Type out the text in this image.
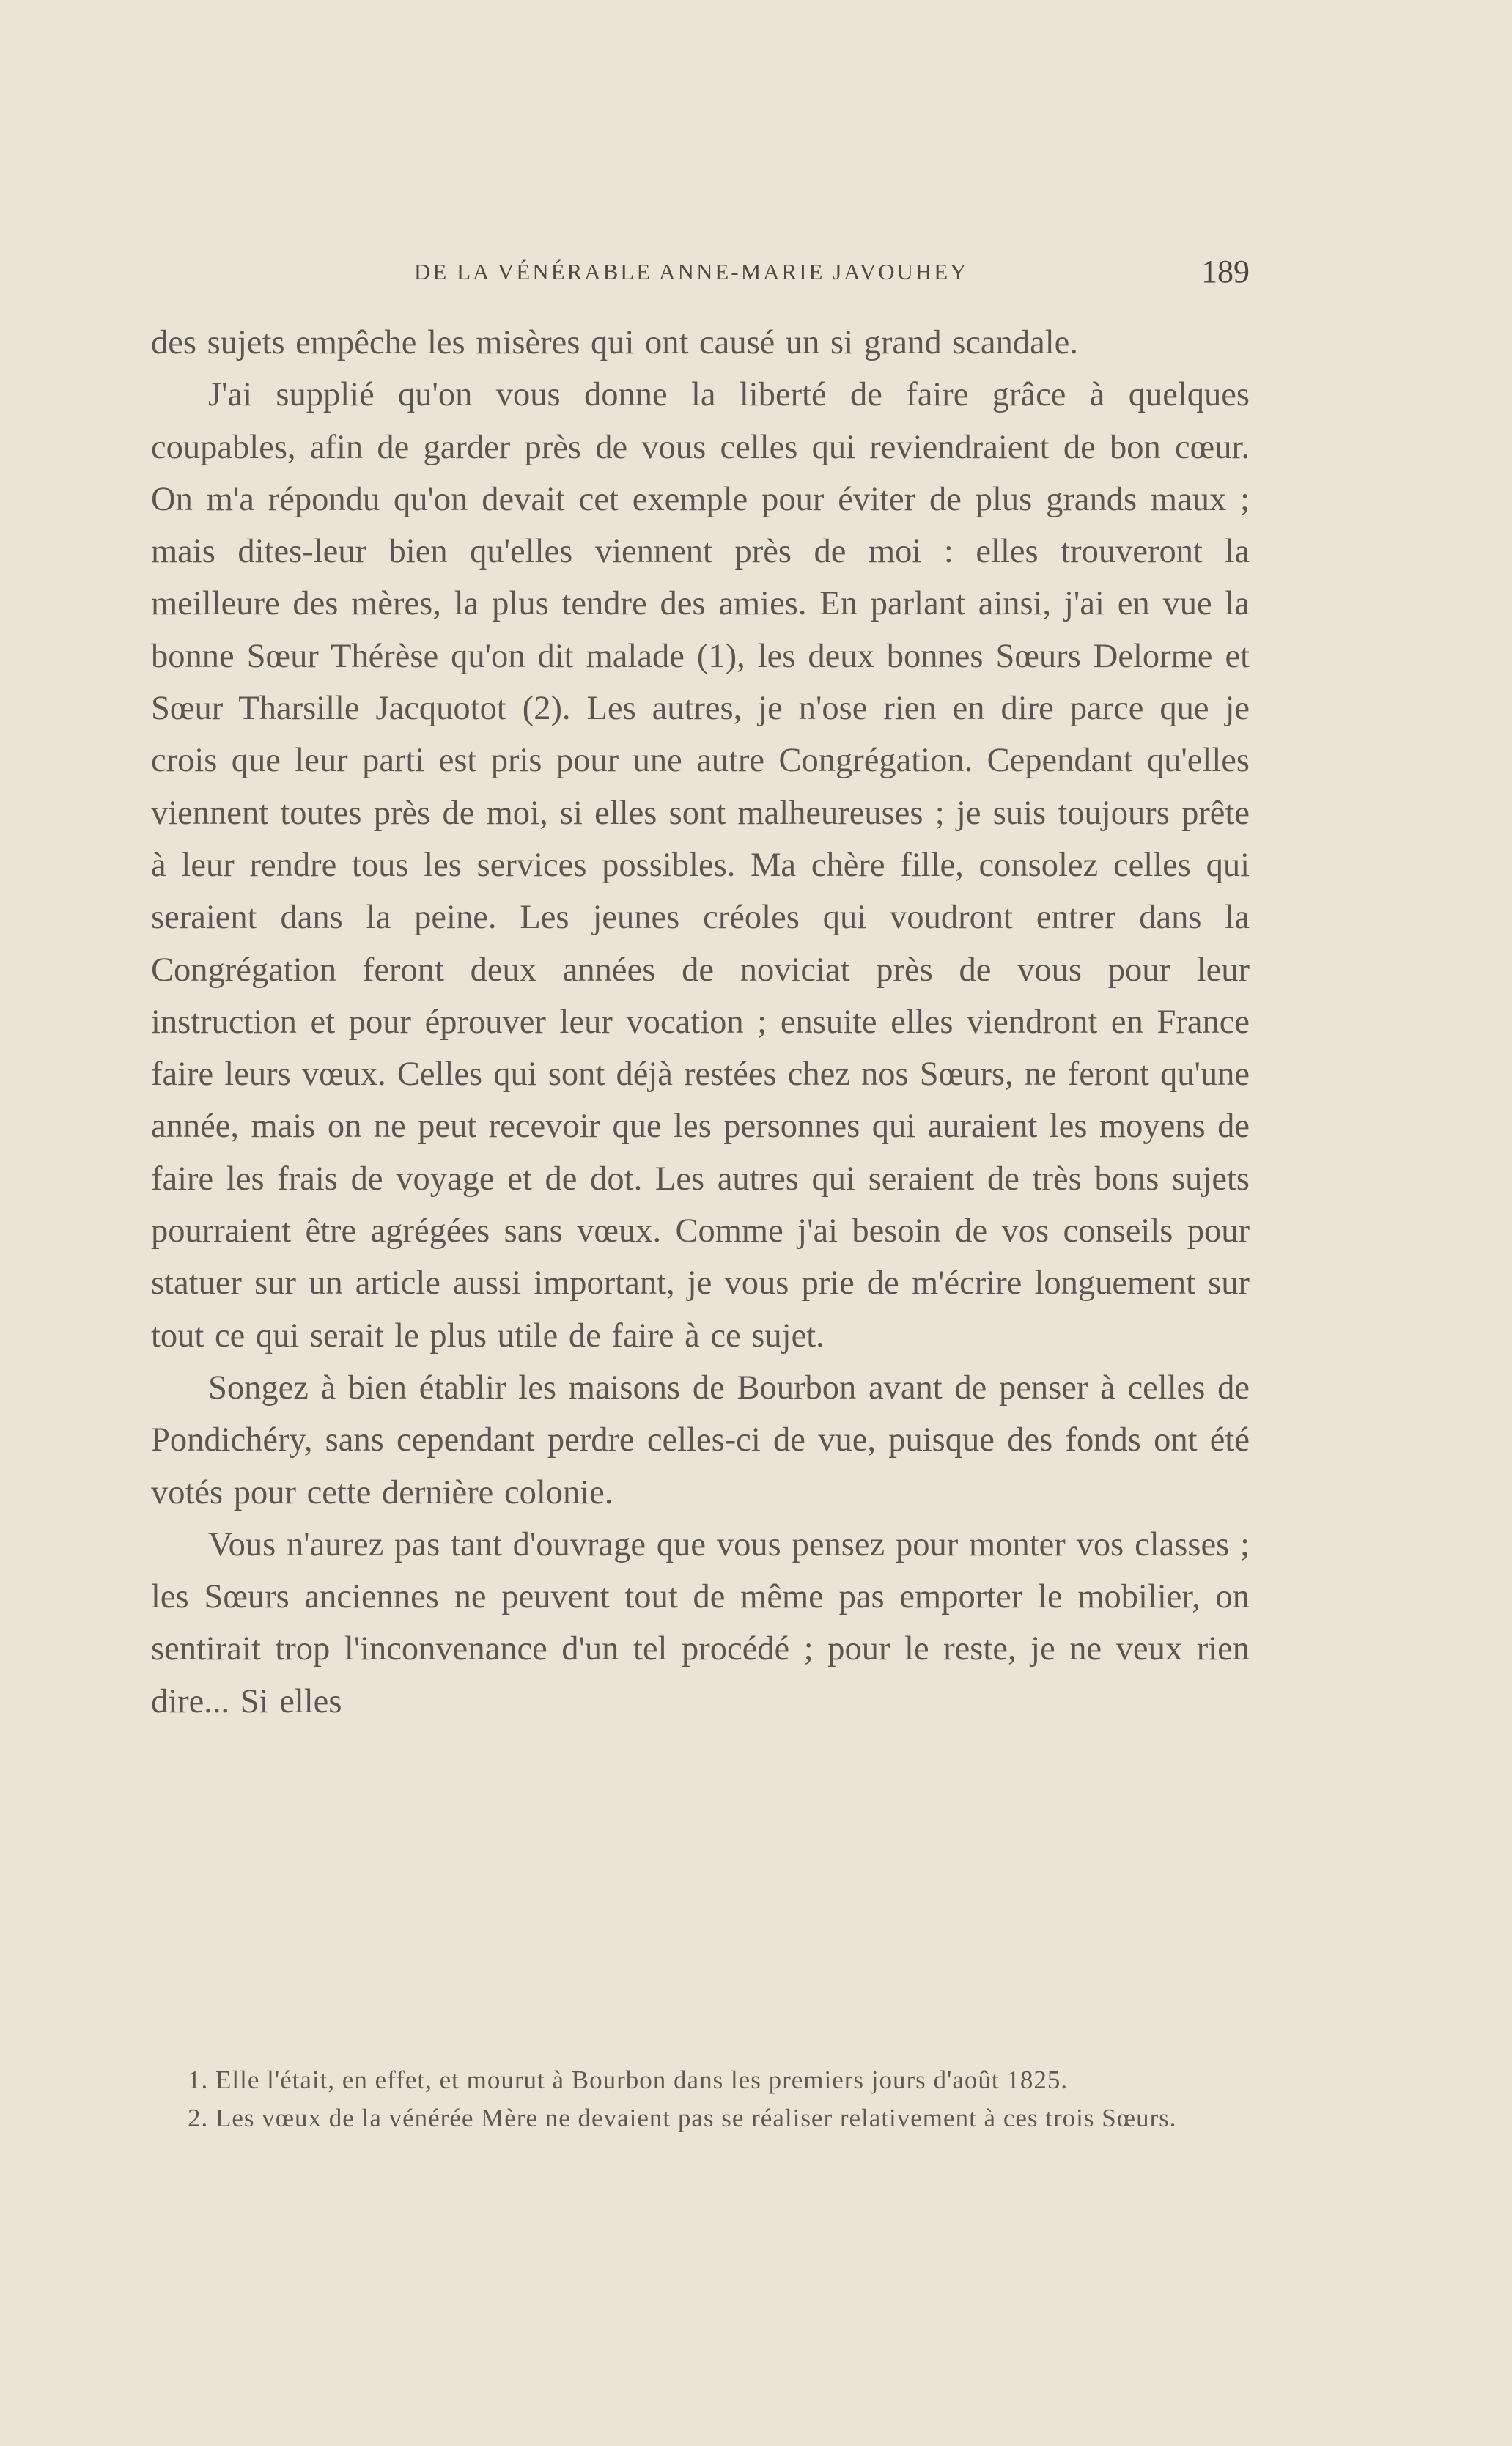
DE LA VÉNÉRABLE ANNE-MARIE JAVOUHEY	189

des sujets empêche les misères qui ont causé un si grand scandale.

J'ai supplié qu'on vous donne la liberté de faire grâce à quelques coupables, afin de garder près de vous celles qui reviendraient de bon cœur. On m'a répondu qu'on devait cet exemple pour éviter de plus grands maux ; mais dites-leur bien qu'elles viennent près de moi : elles trouveront la meilleure des mères, la plus tendre des amies. En parlant ainsi, j'ai en vue la bonne Sœur Thérèse qu'on dit malade (1), les deux bonnes Sœurs Delorme et Sœur Tharsille Jacquotot (2). Les autres, je n'ose rien en dire parce que je crois que leur parti est pris pour une autre Congrégation. Cependant qu'elles viennent toutes près de moi, si elles sont malheureuses ; je suis toujours prête à leur rendre tous les services possibles. Ma chère fille, consolez celles qui seraient dans la peine. Les jeunes créoles qui voudront entrer dans la Congrégation feront deux années de noviciat près de vous pour leur instruction et pour éprouver leur vocation ; ensuite elles viendront en France faire leurs vœux. Celles qui sont déjà restées chez nos Sœurs, ne feront qu'une année, mais on ne peut recevoir que les personnes qui auraient les moyens de faire les frais de voyage et de dot. Les autres qui seraient de très bons sujets pourraient être agrégées sans vœux. Comme j'ai besoin de vos conseils pour statuer sur un article aussi important, je vous prie de m'écrire longuement sur tout ce qui serait le plus utile de faire à ce sujet.

Songez à bien établir les maisons de Bourbon avant de penser à celles de Pondichéry, sans cependant perdre celles-ci de vue, puisque des fonds ont été votés pour cette dernière colonie.

Vous n'aurez pas tant d'ouvrage que vous pensez pour monter vos classes ; les Sœurs anciennes ne peuvent tout de même pas emporter le mobilier, on sentirait trop l'inconvenance d'un tel procédé ; pour le reste, je ne veux rien dire... Si elles

1. Elle l'était, en effet, et mourut à Bourbon dans les premiers jours d'août 1825.

2. Les vœux de la vénérée Mère ne devaient pas se réaliser relativement à ces trois Sœurs.
